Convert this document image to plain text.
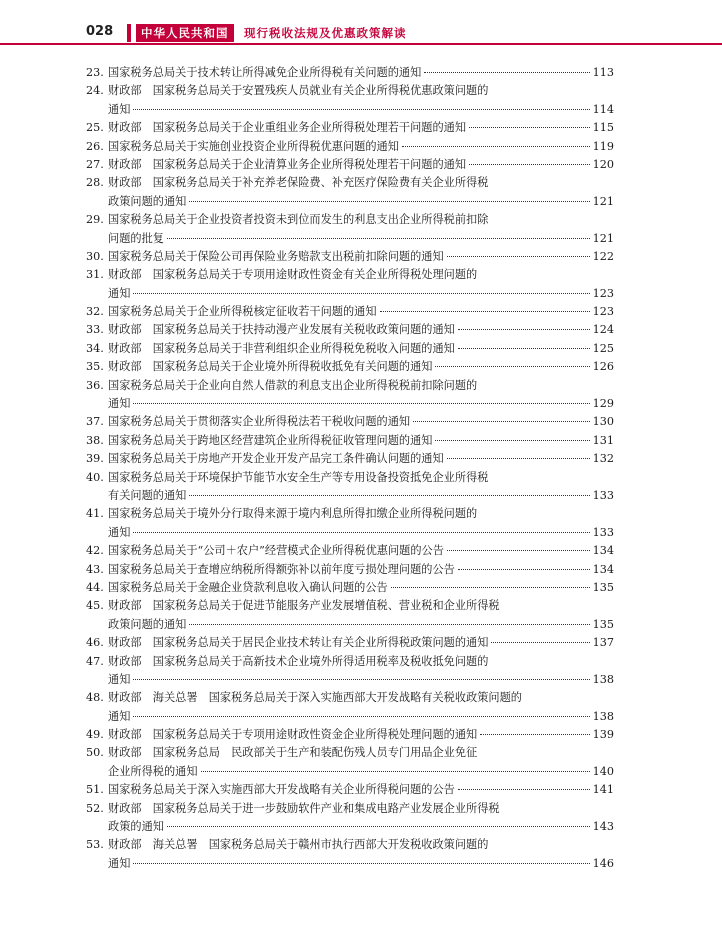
028	中华人民共和国	现行税收法规及优惠政策解读
23. 国家税务总局关于技术转让所得减免企业所得税有关问题的通知	113
24. 财政部　国家税务总局关于安置残疾人员就业有关企业所得税优惠政策问题的
通知	114
25. 财政部　国家税务总局关于企业重组业务企业所得税处理若干问题的通知	115
26. 国家税务总局关于实施创业投资企业所得税优惠问题的通知	119
27. 财政部　国家税务总局关于企业清算业务企业所得税处理若干问题的通知	120
28. 财政部　国家税务总局关于补充养老保险费、补充医疗保险费有关企业所得税
政策问题的通知	121
29. 国家税务总局关于企业投资者投资未到位而发生的利息支出企业所得税前扣除
问题的批复	121
30. 国家税务总局关于保险公司再保险业务赔款支出税前扣除问题的通知	122
31. 财政部　国家税务总局关于专项用途财政性资金有关企业所得税处理问题的
通知	123
32. 国家税务总局关于企业所得税核定征收若干问题的通知	123
33. 财政部　国家税务总局关于扶持动漫产业发展有关税收政策问题的通知	124
34. 财政部　国家税务总局关于非营利组织企业所得税免税收入问题的通知	125
35. 财政部　国家税务总局关于企业境外所得税收抵免有关问题的通知	126
36. 国家税务总局关于企业向自然人借款的利息支出企业所得税税前扣除问题的
通知	129
37. 国家税务总局关于贯彻落实企业所得税法若干税收问题的通知	130
38. 国家税务总局关于跨地区经营建筑企业所得税征收管理问题的通知	131
39. 国家税务总局关于房地产开发企业开发产品完工条件确认问题的通知	132
40. 国家税务总局关于环境保护节能节水安全生产等专用设备投资抵免企业所得税
有关问题的通知	133
41. 国家税务总局关于境外分行取得来源于境内利息所得扣缴企业所得税问题的
通知	133
42. 国家税务总局关于“公司＋农户”经营模式企业所得税优惠问题的公告	134
43. 国家税务总局关于查增应纳税所得额弥补以前年度亏损处理问题的公告	134
44. 国家税务总局关于金融企业贷款利息收入确认问题的公告	135
45. 财政部　国家税务总局关于促进节能服务产业发展增值税、营业税和企业所得税
政策问题的通知	135
46. 财政部　国家税务总局关于居民企业技术转让有关企业所得税政策问题的通知	137
47. 财政部　国家税务总局关于高新技术企业境外所得适用税率及税收抵免问题的
通知	138
48. 财政部　海关总署　国家税务总局关于深入实施西部大开发战略有关税收政策问题的
通知	138
49. 财政部　国家税务总局关于专项用途财政性资金企业所得税处理问题的通知	139
50. 财政部　国家税务总局　民政部关于生产和装配伤残人员专门用品企业免征
企业所得税的通知	140
51. 国家税务总局关于深入实施西部大开发战略有关企业所得税问题的公告	141
52. 财政部　国家税务总局关于进一步鼓励软件产业和集成电路产业发展企业所得税
政策的通知	143
53. 财政部　海关总署　国家税务总局关于赣州市执行西部大开发税收政策问题的
通知	146
